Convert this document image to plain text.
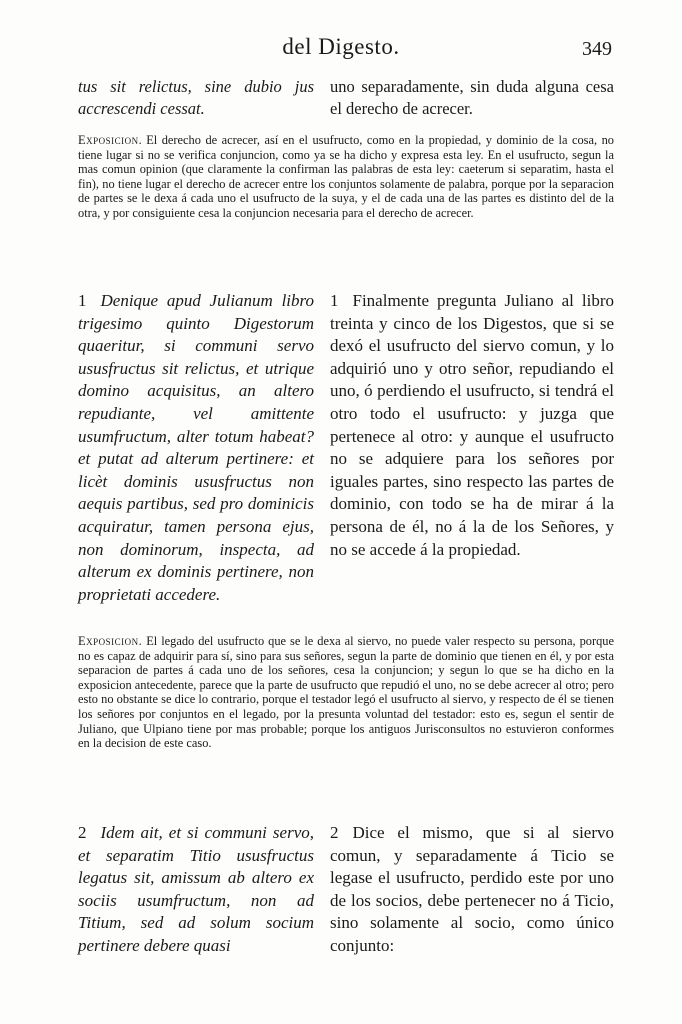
del Digesto.	349

tus sit relictus, sine dubio jus accrescendi cessat.

uno separadamente, sin duda alguna cesa el derecho de acrecer.

Exposicion. El derecho de acrecer, así en el usufructo, como en la propiedad, y dominio de la cosa, no tiene lugar si no se verifica conjuncion, como ya se ha dicho y expresa esta ley. En el usufructo, segun la mas comun opinion (que claramente la confirman las palabras de esta ley: caeterum si separatim, hasta el fin), no tiene lugar el derecho de acrecer entre los conjuntos solamente de palabra, porque por la separacion de partes se le dexa á cada uno el usufructo de la suya, y el de cada una de las partes es distinto del de la otra, y por consiguiente cesa la conjuncion necesaria para el derecho de acrecer.

1 Denique apud Julianum libro trigesimo quinto Digestorum quaeritur, si communi servo ususfructus sit relictus, et utrique domino acquisitus, an altero repudiante, vel amittente usumfructum, alter totum habeat? et putat ad alterum pertinere: et licèt dominis ususfructus non aequis partibus, sed pro dominicis acquiratur, tamen persona ejus, non dominorum, inspecta, ad alterum ex dominis pertinere, non proprietati accedere.

1 Finalmente pregunta Juliano al libro treinta y cinco de los Digestos, que si se dexó el usufructo del siervo comun, y lo adquirió uno y otro señor, repudiando el uno, ó perdiendo el usufructo, si tendrá el otro todo el usufructo: y juzga que pertenece al otro: y aunque el usufructo no se adquiere para los señores por iguales partes, sino respecto las partes de dominio, con todo se ha de mirar á la persona de él, no á la de los Señores, y no se accede á la propiedad.

Exposicion. El legado del usufructo que se le dexa al siervo, no puede valer respecto su persona, porque no es capaz de adquirir para sí, sino para sus señores, segun la parte de dominio que tienen en él, y por esta separacion de partes á cada uno de los señores, cesa la conjuncion; y segun lo que se ha dicho en la exposicion antecedente, parece que la parte de usufructo que repudió el uno, no se debe acrecer al otro; pero esto no obstante se dice lo contrario, porque el testador legó el usufructo al siervo, y respecto de él se tienen los señores por conjuntos en el legado, por la presunta voluntad del testador: esto es, segun el sentir de Juliano, que Ulpiano tiene por mas probable; porque los antiguos Jurisconsultos no estuvieron conformes en la decision de este caso.

2 Idem ait, et si communi servo, et separatim Titio ususfructus legatus sit, amissum ab altero ex sociis usumfructum, non ad Titium, sed ad solum socium pertinere debere quasi

2 Dice el mismo, que si al siervo comun, y separadamente á Ticio se legase el usufructo, perdido este por uno de los socios, debe pertenecer no á Ticio, sino solamente al socio, como único conjunto:
